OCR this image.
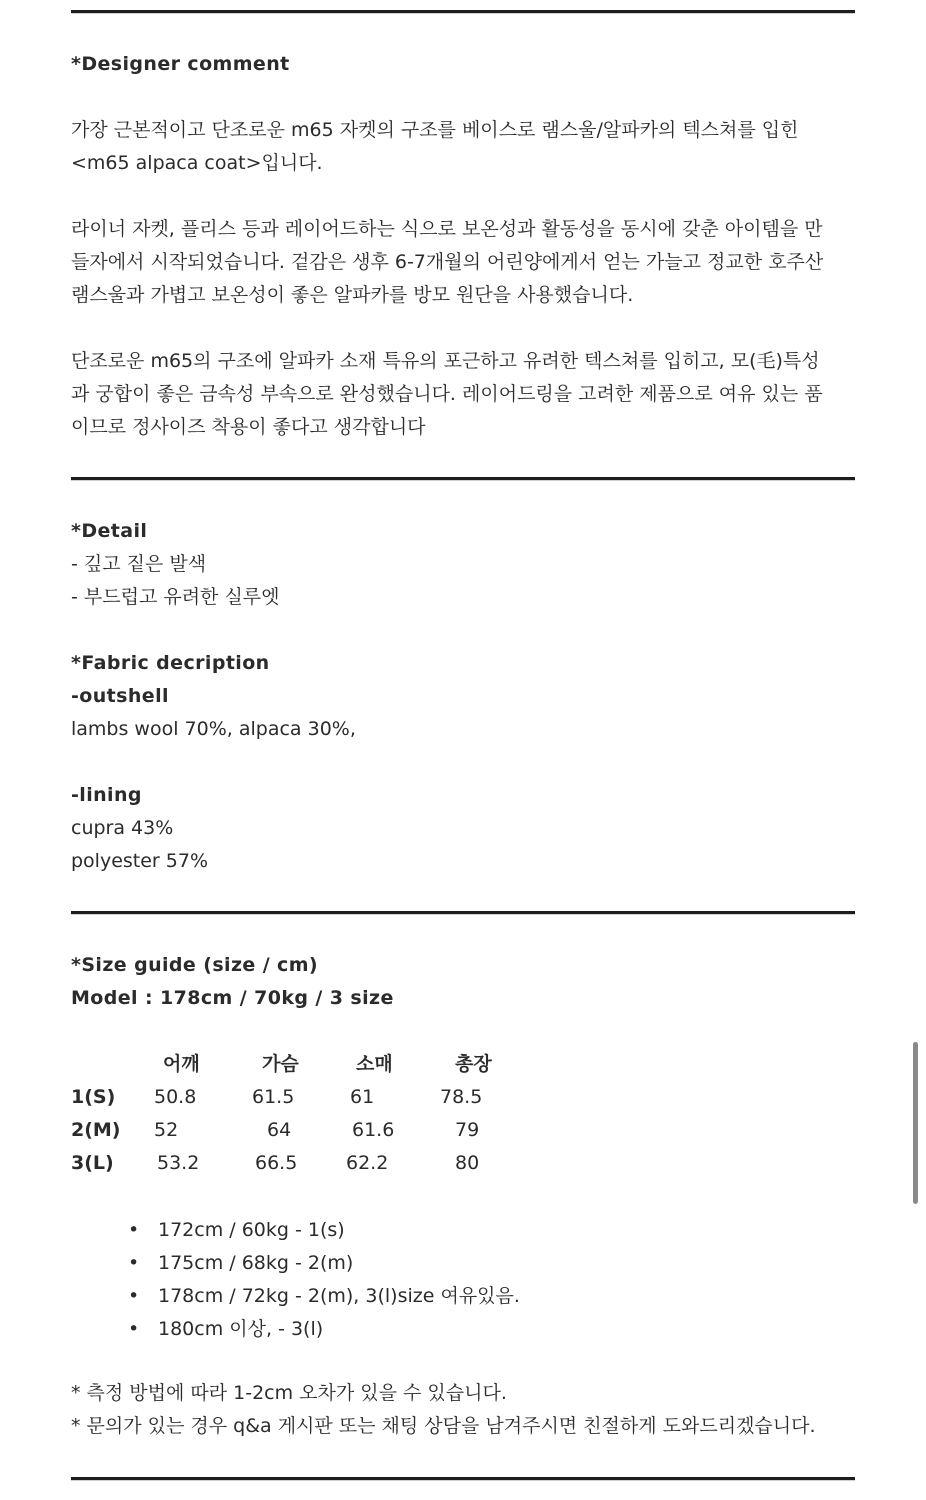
*Designer comment
가장 근본적이고 단조로운 m65 자켓의 구조를 베이스로 램스울/알파카의 텍스쳐를 입힌
<m65 alpaca coat>입니다.
라이너 자켓, 플리스 등과 레이어드하는 식으로 보온성과 활동성을 동시에 갖춘 아이템을 만
들자에서 시작되었습니다. 겉감은 생후 6-7개월의 어린양에게서 얻는 가늘고 정교한 호주산
램스울과 가볍고 보온성이 좋은 알파카를 방모 원단을 사용했습니다.
단조로운 m65의 구조에 알파카 소재 특유의 포근하고 유려한 텍스쳐를 입히고, 모(毛)특성
과 궁합이 좋은 금속성 부속으로 완성했습니다. 레이어드링을 고려한 제품으로 여유 있는 품
이므로 정사이즈 착용이 좋다고 생각합니다
*Detail
- 깊고 짙은 발색
- 부드럽고 유려한 실루엣
*Fabric decription
-outshell
lambs wool 70%, alpaca 30%,
-lining
cupra 43%
polyester 57%
*Size guide (size / cm)
Model : 178cm / 70kg / 3 size
어깨	가슴	소매	총장
1(S) 50.8	61.5	61	78.5
2(M) 52	64	61.6	79
3(L) 53.2	66.5	62.2	80
• 172cm / 60kg - 1(s)
• 175cm / 68kg - 2(m)
• 178cm / 72kg - 2(m), 3(l)size 여유있음.
• 180cm 이상, - 3(l)
* 측정 방법에 따라 1-2cm 오차가 있을 수 있습니다.
* 문의가 있는 경우 q&a 게시판 또는 채팅 상담을 남겨주시면 친절하게 도와드리겠습니다.
